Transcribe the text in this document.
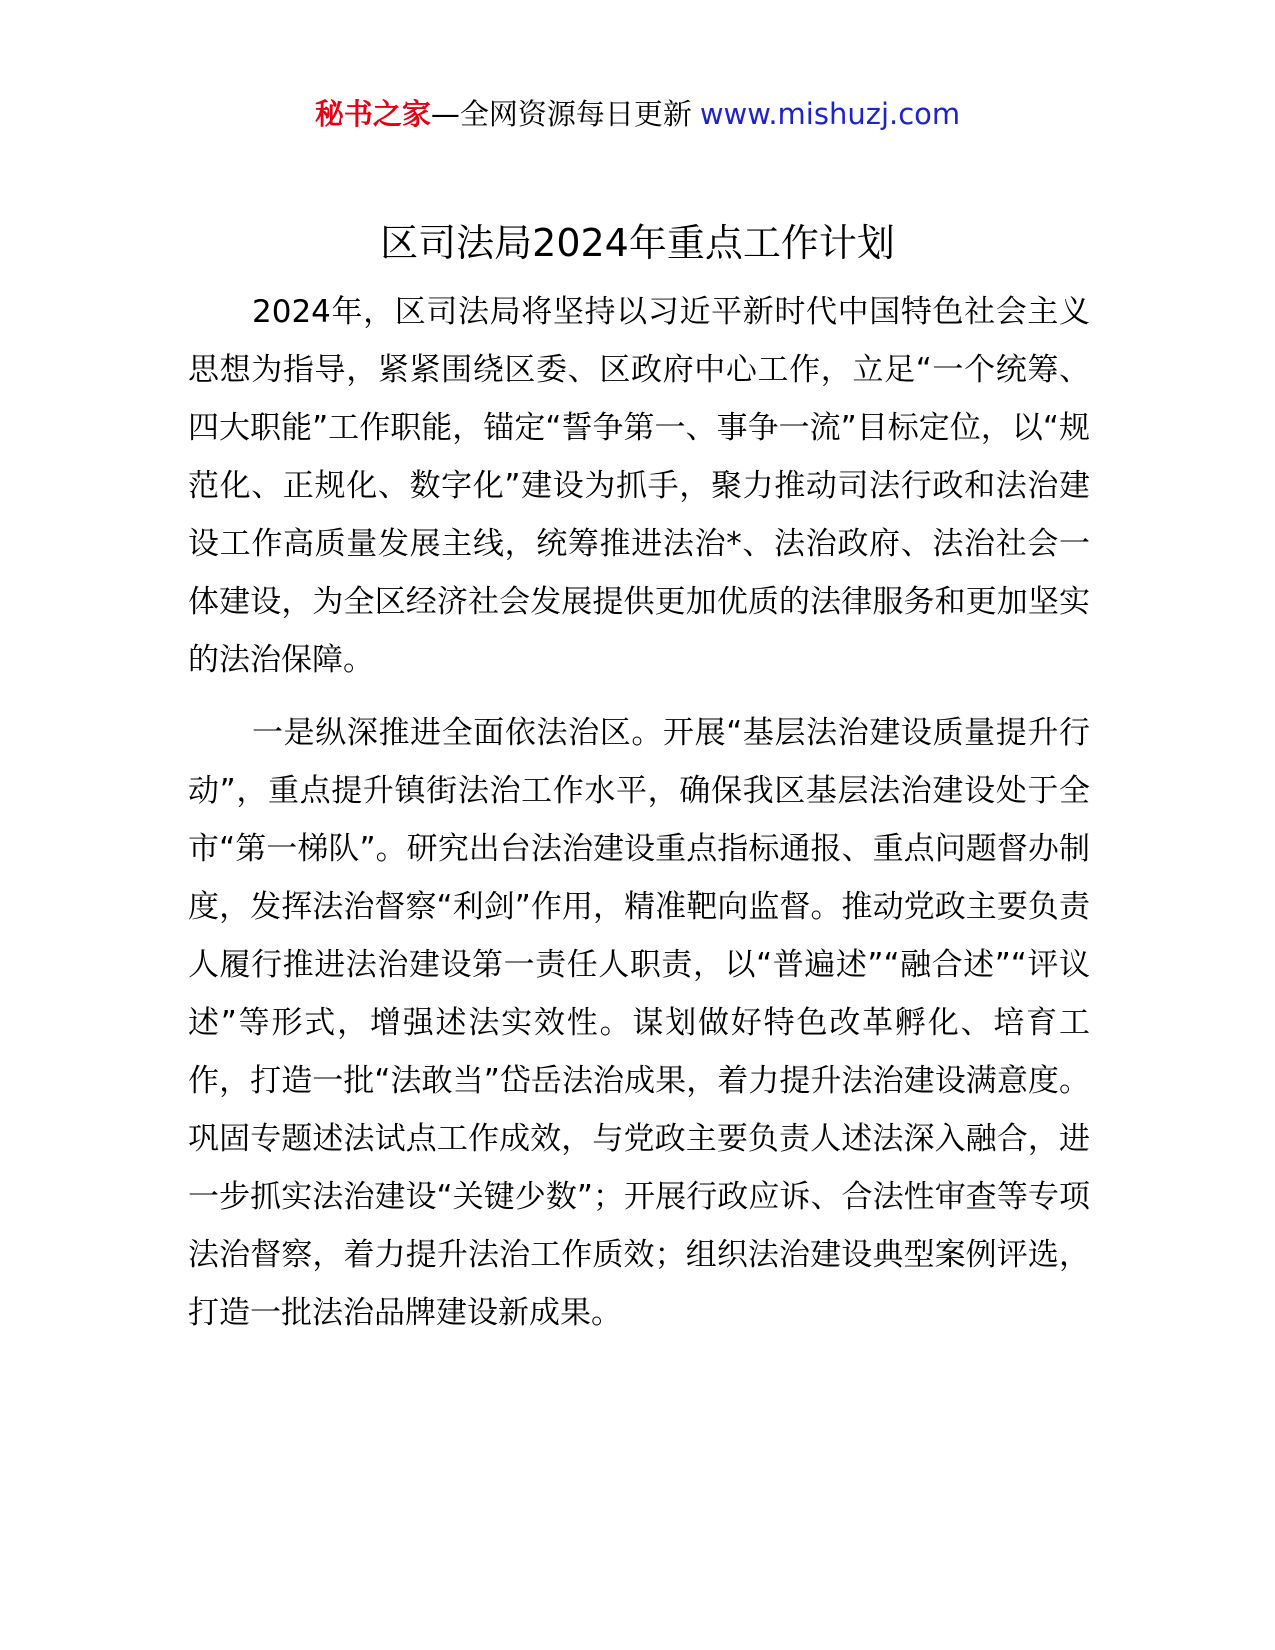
秘书之家—全网资源每日更新 www.mishuzj.com
区司法局2024年重点工作计划

2024年，区司法局将坚持以习近平新时代中国特色社会主义思想为指导，紧紧围绕区委、区政府中心工作，立足“一个统筹、四大职能”工作职能，锚定“誓争第一、事争一流”目标定位，以“规范化、正规化、数字化”建设为抓手，聚力推动司法行政和法治建设工作高质量发展主线，统筹推进法治*、法治政府、法治社会一体建设，为全区经济社会发展提供更加优质的法律服务和更加坚实的法治保障。

一是纵深推进全面依法治区。开展“基层法治建设质量提升行动”，重点提升镇街法治工作水平，确保我区基层法治建设处于全市“第一梯队”。研究出台法治建设重点指标通报、重点问题督办制度，发挥法治督察“利剑”作用，精准靶向监督。推动党政主要负责人履行推进法治建设第一责任人职责，以“普遍述”“融合述”“评议述”等形式，增强述法实效性。谋划做好特色改革孵化、培育工作，打造一批“法敢当”岱岳法治成果，着力提升法治建设满意度。巩固专题述法试点工作成效，与党政主要负责人述法深入融合，进一步抓实法治建设“关键少数”；开展行政应诉、合法性审查等专项法治督察，着力提升法治工作质效；组织法治建设典型案例评选，打造一批法治品牌建设新成果。
